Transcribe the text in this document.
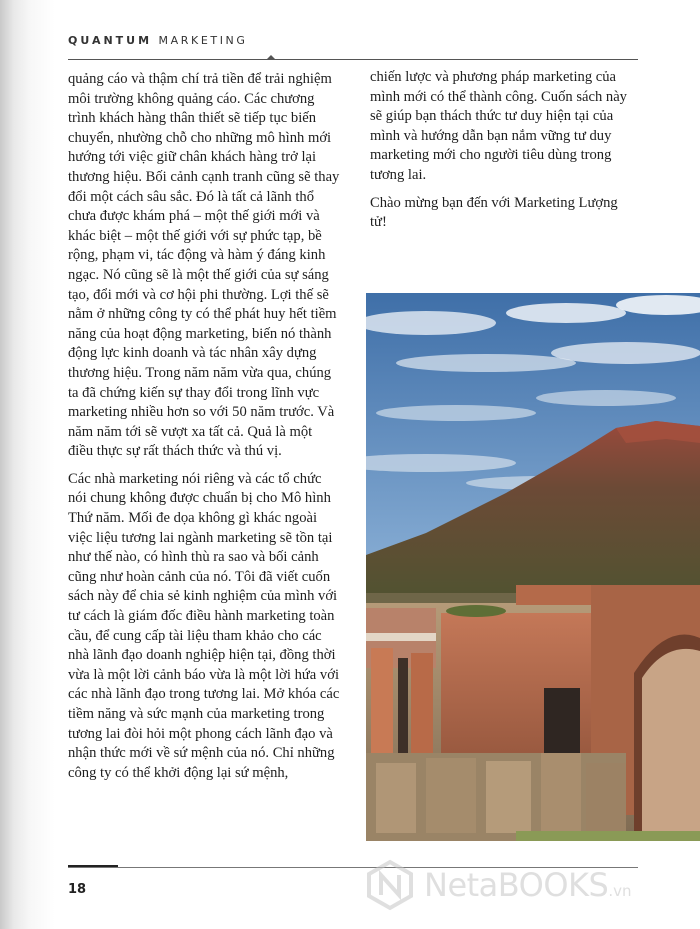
QUANTUM MARKETING

quảng cáo và thậm chí trả tiền để trải nghiệm môi trường không quảng cáo. Các chương trình khách hàng thân thiết sẽ tiếp tục biến chuyển, nhường chỗ cho những mô hình mới hướng tới việc giữ chân khách hàng trở lại thương hiệu. Bối cảnh cạnh tranh cũng sẽ thay đổi một cách sâu sắc. Đó là tất cả lãnh thổ chưa được khám phá – một thế giới mới và khác biệt – một thế giới với sự phức tạp, bề rộng, phạm vi, tác động và hàm ý đáng kinh ngạc. Nó cũng sẽ là một thế giới của sự sáng tạo, đổi mới và cơ hội phi thường. Lợi thế sẽ nằm ở những công ty có thể phát huy hết tiềm năng của hoạt động marketing, biến nó thành động lực kinh doanh và tác nhân xây dựng thương hiệu. Trong năm năm vừa qua, chúng ta đã chứng kiến sự thay đổi trong lĩnh vực marketing nhiều hơn so với 50 năm trước. Và năm năm tới sẽ vượt xa tất cả. Quả là một điều thực sự rất thách thức và thú vị.

Các nhà marketing nói riêng và các tổ chức nói chung không được chuẩn bị cho Mô hình Thứ năm. Mối đe dọa không gì khác ngoài việc liệu tương lai ngành marketing sẽ tồn tại như thế nào, có hình thù ra sao và bối cảnh cũng như hoàn cảnh của nó. Tôi đã viết cuốn sách này để chia sẻ kinh nghiệm của mình với tư cách là giám đốc điều hành marketing toàn cầu, để cung cấp tài liệu tham khảo cho các nhà lãnh đạo doanh nghiệp hiện tại, đồng thời vừa là một lời cảnh báo vừa là một lời hứa với các nhà lãnh đạo trong tương lai. Mở khóa các tiềm năng và sức mạnh của marketing trong tương lai đòi hỏi một phong cách lãnh đạo và nhận thức mới về sứ mệnh của nó. Chỉ những công ty có thể khởi động lại sứ mệnh,

chiến lược và phương pháp marketing của mình mới có thể thành công. Cuốn sách này sẽ giúp bạn thách thức tư duy hiện tại của mình và hướng dẫn bạn nắm vững tư duy marketing mới cho người tiêu dùng trong tương lai.

Chào mừng bạn đến với Marketing Lượng tử!

18	NetaBOOKS .vn
